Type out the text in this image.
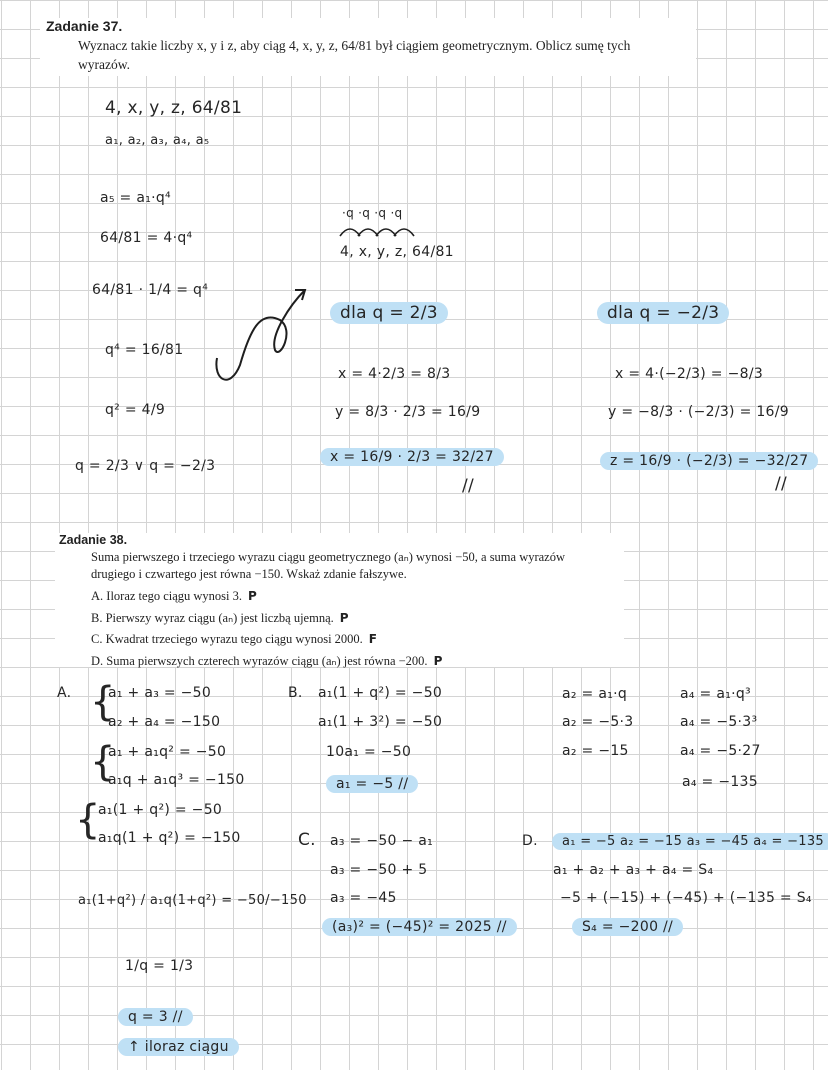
Zadanie 37.

Wyznacz takie liczby x, y i z, aby ciąg 4, x, y, z, 64/81 był ciągiem geometrycznym. Oblicz sumę tych wyrazów.

Zadanie 38.

Suma pierwszego i trzeciego wyrazu ciągu geometrycznego (aₙ) wynosi −50, a suma wyrazów drugiego i czwartego jest równa −150. Wskaż zdanie fałszywe.

A. Iloraz tego ciągu wynosi 3. P
B. Pierwszy wyraz ciągu (aₙ) jest liczbą ujemną. P
C. Kwadrat trzeciego wyrazu tego ciągu wynosi 2000. F
D. Suma pierwszych czterech wyrazów ciągu (aₙ) jest równa −200. P
4, x, y, z, 64/81
a₁, a₂, a₃, a₄, a₅
a₅ = a₁·q⁴
64/81 = 4·q⁴
64/81 · 1/4 = q⁴
q⁴ = 16/81
q² = 4/9
q = 2/3 ∨ q = −2/3
·q ·q ·q ·q
4, x, y, z, 64/81
dla q = 2/3
x = 4·2/3 = 8/3
y = 8/3 · 2/3 = 16/9
x = 16/9 · 2/3 = 32/27
//
dla q = −2/3
x = 4·(−2/3) = −8/3
y = −8/3 · (−2/3) = 16/9
z = 16/9 · (−2/3) = −32/27
//
A. {
a₁ + a₃ = −50
a₂ + a₄ = −150
{
a₁ + a₁q² = −50
a₁q + a₁q³ = −150
{
a₁(1 + q²) = −50
a₁q(1 + q²) = −150
a₁(1+q²) / a₁q(1+q²) = −50/−150
1/q = 1/3
q = 3 //
↑ iloraz ciągu
B. a₁(1 + q²) = −50
a₁(1 + 3²) = −50
10a₁ = −50
a₁ = −5 //
C. a₃ = −50 − a₁
a₃ = −50 + 5
a₃ = −45
(a₃)² = (−45)² = 2025 //
a₂ = a₁·q
a₂ = −5·3
a₂ = −15
a₄ = a₁·q³
a₄ = −5·3³
a₄ = −5·27
a₄ = −135
D.	a₁ = −5 a₂ = −15 a₃ = −45 a₄ = −135
a₁ + a₂ + a₃ + a₄ = S₄
−5 + (−15) + (−45) + (−135 = S₄
S₄ = −200 //
